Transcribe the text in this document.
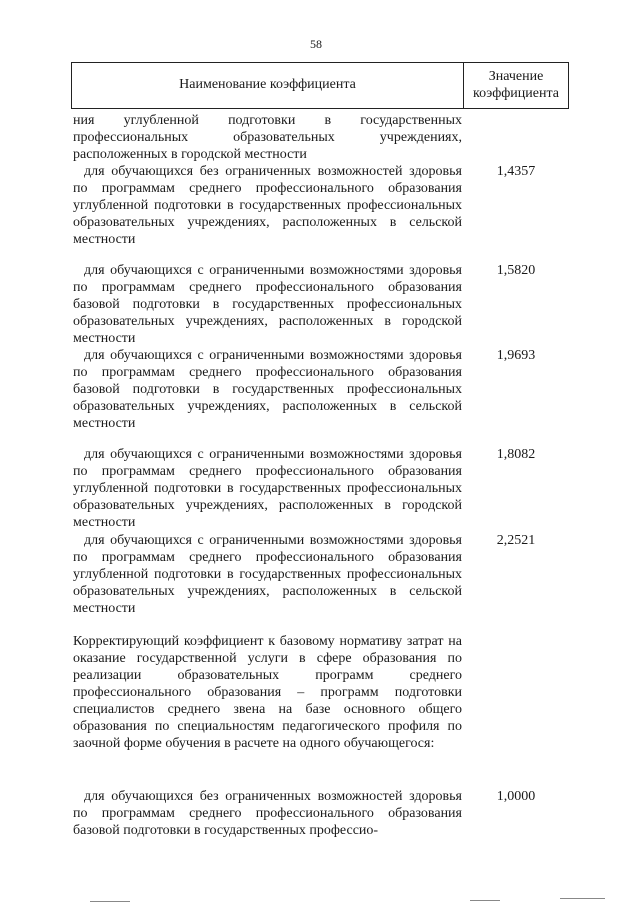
58
Наименование коэффициента
Значение коэффициента
ния углубленной подготовки в государственных профессиональных образовательных учреждениях, расположенных в городской местности
для обучающихся без ограниченных возможностей здоровья по программам среднего профессионального образования углубленной подготовки в государственных профессиональных образовательных учреждениях, расположенных в сельской местности
1,4357
для обучающихся с ограниченными возможностями здоровья по программам среднего профессионального образования базовой подготовки в государственных профессиональных образовательных учреждениях, расположенных в городской местности
1,5820
для обучающихся с ограниченными возможностями здоровья по программам среднего профессионального образования базовой подготовки в государственных профессиональных образовательных учреждениях, расположенных в сельской местности
1,9693
для обучающихся с ограниченными возможностями здоровья по программам среднего профессионального образования углубленной подготовки в государственных профессиональных образовательных учреждениях, расположенных в городской местности
1,8082
для обучающихся с ограниченными возможностями здоровья по программам среднего профессионального образования углубленной подготовки в государственных профессиональных образовательных учреждениях, расположенных в сельской местности
2,2521
Корректирующий коэффициент к базовому нормативу затрат на оказание государственной услуги в сфере образования по реализации образовательных программ среднего профессионального образования – программ подготовки специалистов среднего звена на базе основного общего образования по специальностям педагогического профиля по заочной форме обучения в расчете на одного обучающегося:
для обучающихся без ограниченных возможностей здоровья по программам среднего профессионального образования базовой подготовки в государственных профессио-
1,0000
